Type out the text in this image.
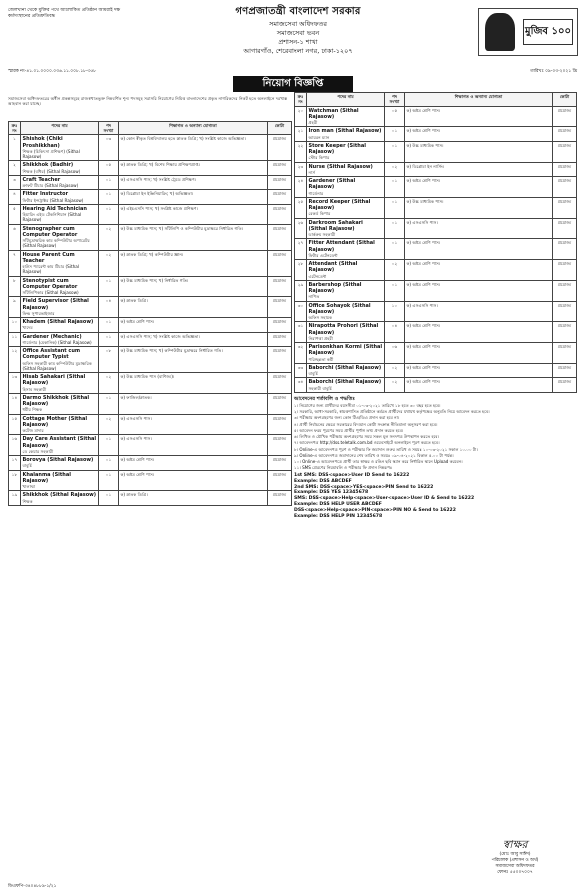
জেলখানা থেকে মুক্তির পথে আলোকিত প্রতিষ্ঠান আমরাই দক্ষ কর্মসংস্থানের প্রতিশ্রুতিবদ্ধ	গণপ্রজাতন্ত্রী বাংলাদেশ সরকার
সমাজসেবা অধিদফতর
সমাজসেবা ভবন
প্রশাসন-১ শাখা
আগারগাঁও, শেরেবাংলা নগর, ঢাকা-১২০৭
মুজিব ১০০
স্মারক নং-৪১.০১.০০০০.০৩৬.১১.০০৮.১৮-৩৫৮	তারিখঃ ০৯-০৩-২০২১ খ্রি
নিয়োগ বিজ্ঞপ্তি
সমাজসেবা অধিদফতরের অধীন প্রকল্পসমূহে রাজস্বখাতভুক্ত নিম্নবর্ণিত শূন্য পদসমূহ সরাসরি নিয়োগের নিমিত্ত বাংলাদেশের প্রকৃত নাগরিকদের নিকট হতে অনলাইনে দরখাস্ত আহবান করা যাচ্ছে।
ক্রঃ নং	পদের নাম	পদ সংখ্যা	শিক্ষাগত ও অন্যান্য যোগ্যতা	কোটা
১	Shishok (Chiki Proshikkhan)
শিক্ষক (চিকিৎসা প্রশিক্ষণ) (Sithal Rajasow)	০৩	ক) কোন স্বীকৃত বিশ্ববিদ্যালয় হতে স্নাতক ডিগ্রি; খ) সংশ্লিষ্ট কাজে অভিজ্ঞতা।	প্রযোজ্য
২	Shikkhok (Badhir)
শিক্ষক (বধির) (Sithal Rajasow)	০৫	ক) স্নাতক ডিগ্রি; খ) বিশেষ শিক্ষায় প্রশিক্ষণপ্রাপ্ত।	প্রযোজ্য
৩	Craft Teacher
ক্রাফট টিচার (Sithal Rajasow)	০১	ক) এসএসসি পাস; খ) সংশ্লিষ্ট ট্রেডে প্রশিক্ষণ।	প্রযোজ্য
৪	Fitter Instructor
ফিটার ইন্সট্রাক্টর (Sithal Rajasow)	০১	ক) ডিপ্লোমা ইন ইঞ্জিনিয়ারিং; খ) অভিজ্ঞতা।	প্রযোজ্য
৫	Hearing Aid Technician
হিয়ারিং এইড টেকনিশিয়ান (Sithal Rajasow)	০১	ক) এইচএসসি পাস; খ) সংশ্লিষ্ট কাজে প্রশিক্ষণ।	প্রযোজ্য
৬	Stenographer cum Computer Operator
সাঁটমুদ্রাক্ষরিক কাম কম্পিউটার অপারেটর (Sithal Rajasow)	০২	ক) উচ্চ মাধ্যমিক পাস; খ) সাঁটলিপি ও কম্পিউটার মুদ্রাক্ষরে নির্ধারিত গতি।	প্রযোজ্য
৭	House Parent Cum Teacher
হাউস প্যারেন্ট কাম টিচার (Sithal Rajasow)	০২	ক) স্নাতক ডিগ্রি; খ) কম্পিউটার জ্ঞান।	প্রযোজ্য
৮	Stenotypist cum Computer Operator
সাঁটলিপিকার (Sithal Rajasow)	০১	ক) উচ্চ মাধ্যমিক পাস; খ) নির্ধারিত গতি।	প্রযোজ্য
৯	Field Supervisor (Sithal Rajasow)
ফিল্ড সুপারভাইজার	০৪	ক) স্নাতক ডিগ্রি।	প্রযোজ্য
১০	Khadem (Sithal Rajasow)
খাদেম	০১	ক) অষ্টম শ্রেণি পাস।	প্রযোজ্য
১১	Gardener (Mechanic)
গার্ডেনার (মেকানিক) (Sithal Rajasow)	০১	ক) এসএসসি পাস; খ) সংশ্লিষ্ট কাজে অভিজ্ঞতা।	প্রযোজ্য
১২	Office Assistant cum Computer Typist
অফিস সহকারী কাম কম্পিউটার মুদ্রাক্ষরিক (Sithal Rajasow)	০৮	ক) উচ্চ মাধ্যমিক পাস; খ) কম্পিউটার মুদ্রাক্ষরে নির্ধারিত গতি।	প্রযোজ্য
১৩	Hisab Sahakari (Sithal Rajasow)
হিসাব সহকারী	০২	ক) উচ্চ মাধ্যমিক পাস (বাণিজ্য)।	প্রযোজ্য
১৪	Darmo Shikkhok (Sithal Rajasow)
ধর্মীয় শিক্ষক	০১	ক) ফাজিল/স্নাতক।	প্রযোজ্য
১৫	Cottage Mother (Sithal Rajasow)
কটেজ মাদার	০২	ক) এসএসসি পাস।	প্রযোজ্য
১৬	Day Care Assistant (Sithal Rajasow)
ডে কেয়ার সহকারী	০১	ক) এসএসসি পাস।	প্রযোজ্য
১৭	Borovya (Sithal Rajasow)
বাবুর্চি	০১	ক) অষ্টম শ্রেণি পাস।	প্রযোজ্য
১৮	Khalanma (Sithal Rajasow)
খালাম্মা	০১	ক) অষ্টম শ্রেণি পাস।	প্রযোজ্য
১৯	Shikkhok (Sithal Rajasow)
শিক্ষক	০১	ক) স্নাতক ডিগ্রি।	প্রযোজ্য
ক্রঃ নং	পদের নাম	পদ সংখ্যা	শিক্ষাগত ও অন্যান্য যোগ্যতা	কোটা
২০	Watchman (Sithal Rajasow)
প্রহরী	০৫	ক) অষ্টম শ্রেণি পাস।	প্রযোজ্য
২১	Iron man (Sithal Rajasow)
আয়রন ম্যান	০১	ক) অষ্টম শ্রেণি পাস।	প্রযোজ্য
২২	Store Keeper (Sithal Rajasow)
স্টোর কিপার	০১	ক) উচ্চ মাধ্যমিক পাস।	প্রযোজ্য
২৩	Nurse (Sithal Rajasow)
নার্স	০২	ক) ডিপ্লোমা ইন নার্সিং।	প্রযোজ্য
২৪	Gardener (Sithal Rajasow)
গার্ডেনার	০১	ক) অষ্টম শ্রেণি পাস।	প্রযোজ্য
২৫	Record Keeper (Sithal Rajasow)
রেকর্ড কিপার	০১	ক) উচ্চ মাধ্যমিক পাস।	প্রযোজ্য
২৬	Darkroom Sahakari (Sithal Rajasow)
ডার্করুম সহকারী	০১	ক) এসএসসি পাস।	প্রযোজ্য
২৭	Fitter Attendant (Sithal Rajasow)
ফিটার এটেনডেন্ট	০১	ক) অষ্টম শ্রেণি পাস।	প্রযোজ্য
২৮	Attendant (Sithal Rajasow)
এটেনডেন্ট	০২	ক) অষ্টম শ্রেণি পাস।	প্রযোজ্য
২৯	Barbershop (Sithal Rajasow)
নাপিত	০১	ক) অষ্টম শ্রেণি পাস।	প্রযোজ্য
৩০	Office Sohayok (Sithal Rajasow)
অফিস সহায়ক	১০	ক) এসএসসি পাস।	প্রযোজ্য
৩১	Nirapotta Prohori (Sithal Rajasow)
নিরাপত্তা প্রহরী	০৪	ক) অষ্টম শ্রেণি পাস।	প্রযোজ্য
৩২	Parisonkhan Kormi (Sithal Rajasow)
পরিচ্ছন্নতা কর্মী	০৬	ক) অষ্টম শ্রেণি পাস।	প্রযোজ্য
৩৩	Baborchi (Sithal Rajasow)
বাবুর্চি	০২	ক) অষ্টম শ্রেণি পাস।	প্রযোজ্য
৩৪	Baborchi (Sithal Rajasow)
সহকারী বাবুর্চি	০২	ক) অষ্টম শ্রেণি পাস।	প্রযোজ্য
আবেদনের শর্তাবলি ও পদ্ধতিঃ
১। নিয়োগের জন্য প্রার্থীদের বয়সসীমা ০১-০৩-২০২১ তারিখে ১৮ হতে ৩০ বছর হতে হবে।
২। সরকারি, আধা-সরকারি, স্বায়ত্তশাসিত প্রতিষ্ঠানে কর্মরত প্রার্থীদের যথাযথ কর্তৃপক্ষের অনুমতি নিয়ে আবেদন করতে হবে।
৩। পরীক্ষায় অংশগ্রহণের জন্য কোন টিএ/ডিএ প্রদান করা হবে না।
৪। প্রার্থী নির্বাচনের ক্ষেত্রে সরকারের বিদ্যমান কোটা সংক্রান্ত নীতিমালা অনুসরণ করা হবে।
৫। আবেদন ফরম পূরণের সময় প্রার্থীর পূর্ণাঙ্গ তথ্য প্রদান করতে হবে।
৬। লিখিত ও মৌখিক পরীক্ষায় অংশগ্রহণের সময় সকল মূল সনদপত্র উপস্থাপন করতে হবে।
৭। আবেদনপত্র http://dss.teletalk.com.bd ওয়েবসাইটে অনলাইনে পূরণ করতে হবে।
৮। Online-এ আবেদনপত্র পূরণ ও পরীক্ষার ফি জমাদান শুরুর তারিখ ও সময়ঃ ১০-০৩-২০২১ সকাল ১০.০০ টা।
৯। Online-এ আবেদনপত্র জমাদানের শেষ তারিখ ও সময়ঃ ০৯-০৪-২০২১ বিকাল ৫.০০ টা পর্যন্ত।
১০। Online-এ আবেদনপত্রে প্রার্থী তার স্বাক্ষর ও রঙিন ছবি স্ক্যান করে নির্ধারিত স্থানে Upload করবেন।
১১। SMS প্রেরণের নিয়মাবলি ও পরীক্ষার ফি প্রদান নিম্নরূপঃ
1st SMS: DSS<space>User ID Send to 16222
Example: DSS ABCDEF
2nd SMS: DSS<space>YES<space>PIN Send to 16222
Example: DSS YES 12345678
SMS: DSS<space>Help<space>User<space>User ID & Send to 16222
Example: DSS HELP USER ABCDEF
DSS<space>Help<space>PIN<space>PIN NO & Send to 16222
Example: DSS HELP PIN 12345678
স্বাক্ষর
(মোঃ আবু সাঈদ)
পরিচালক (প্রশাসন ও অর্থ)
সমাজসেবা অধিদফতর
ফোনঃ ৫৫০০৭০০৭
ডিএফপি-৩৪০৪৮৮৯-১/২১
